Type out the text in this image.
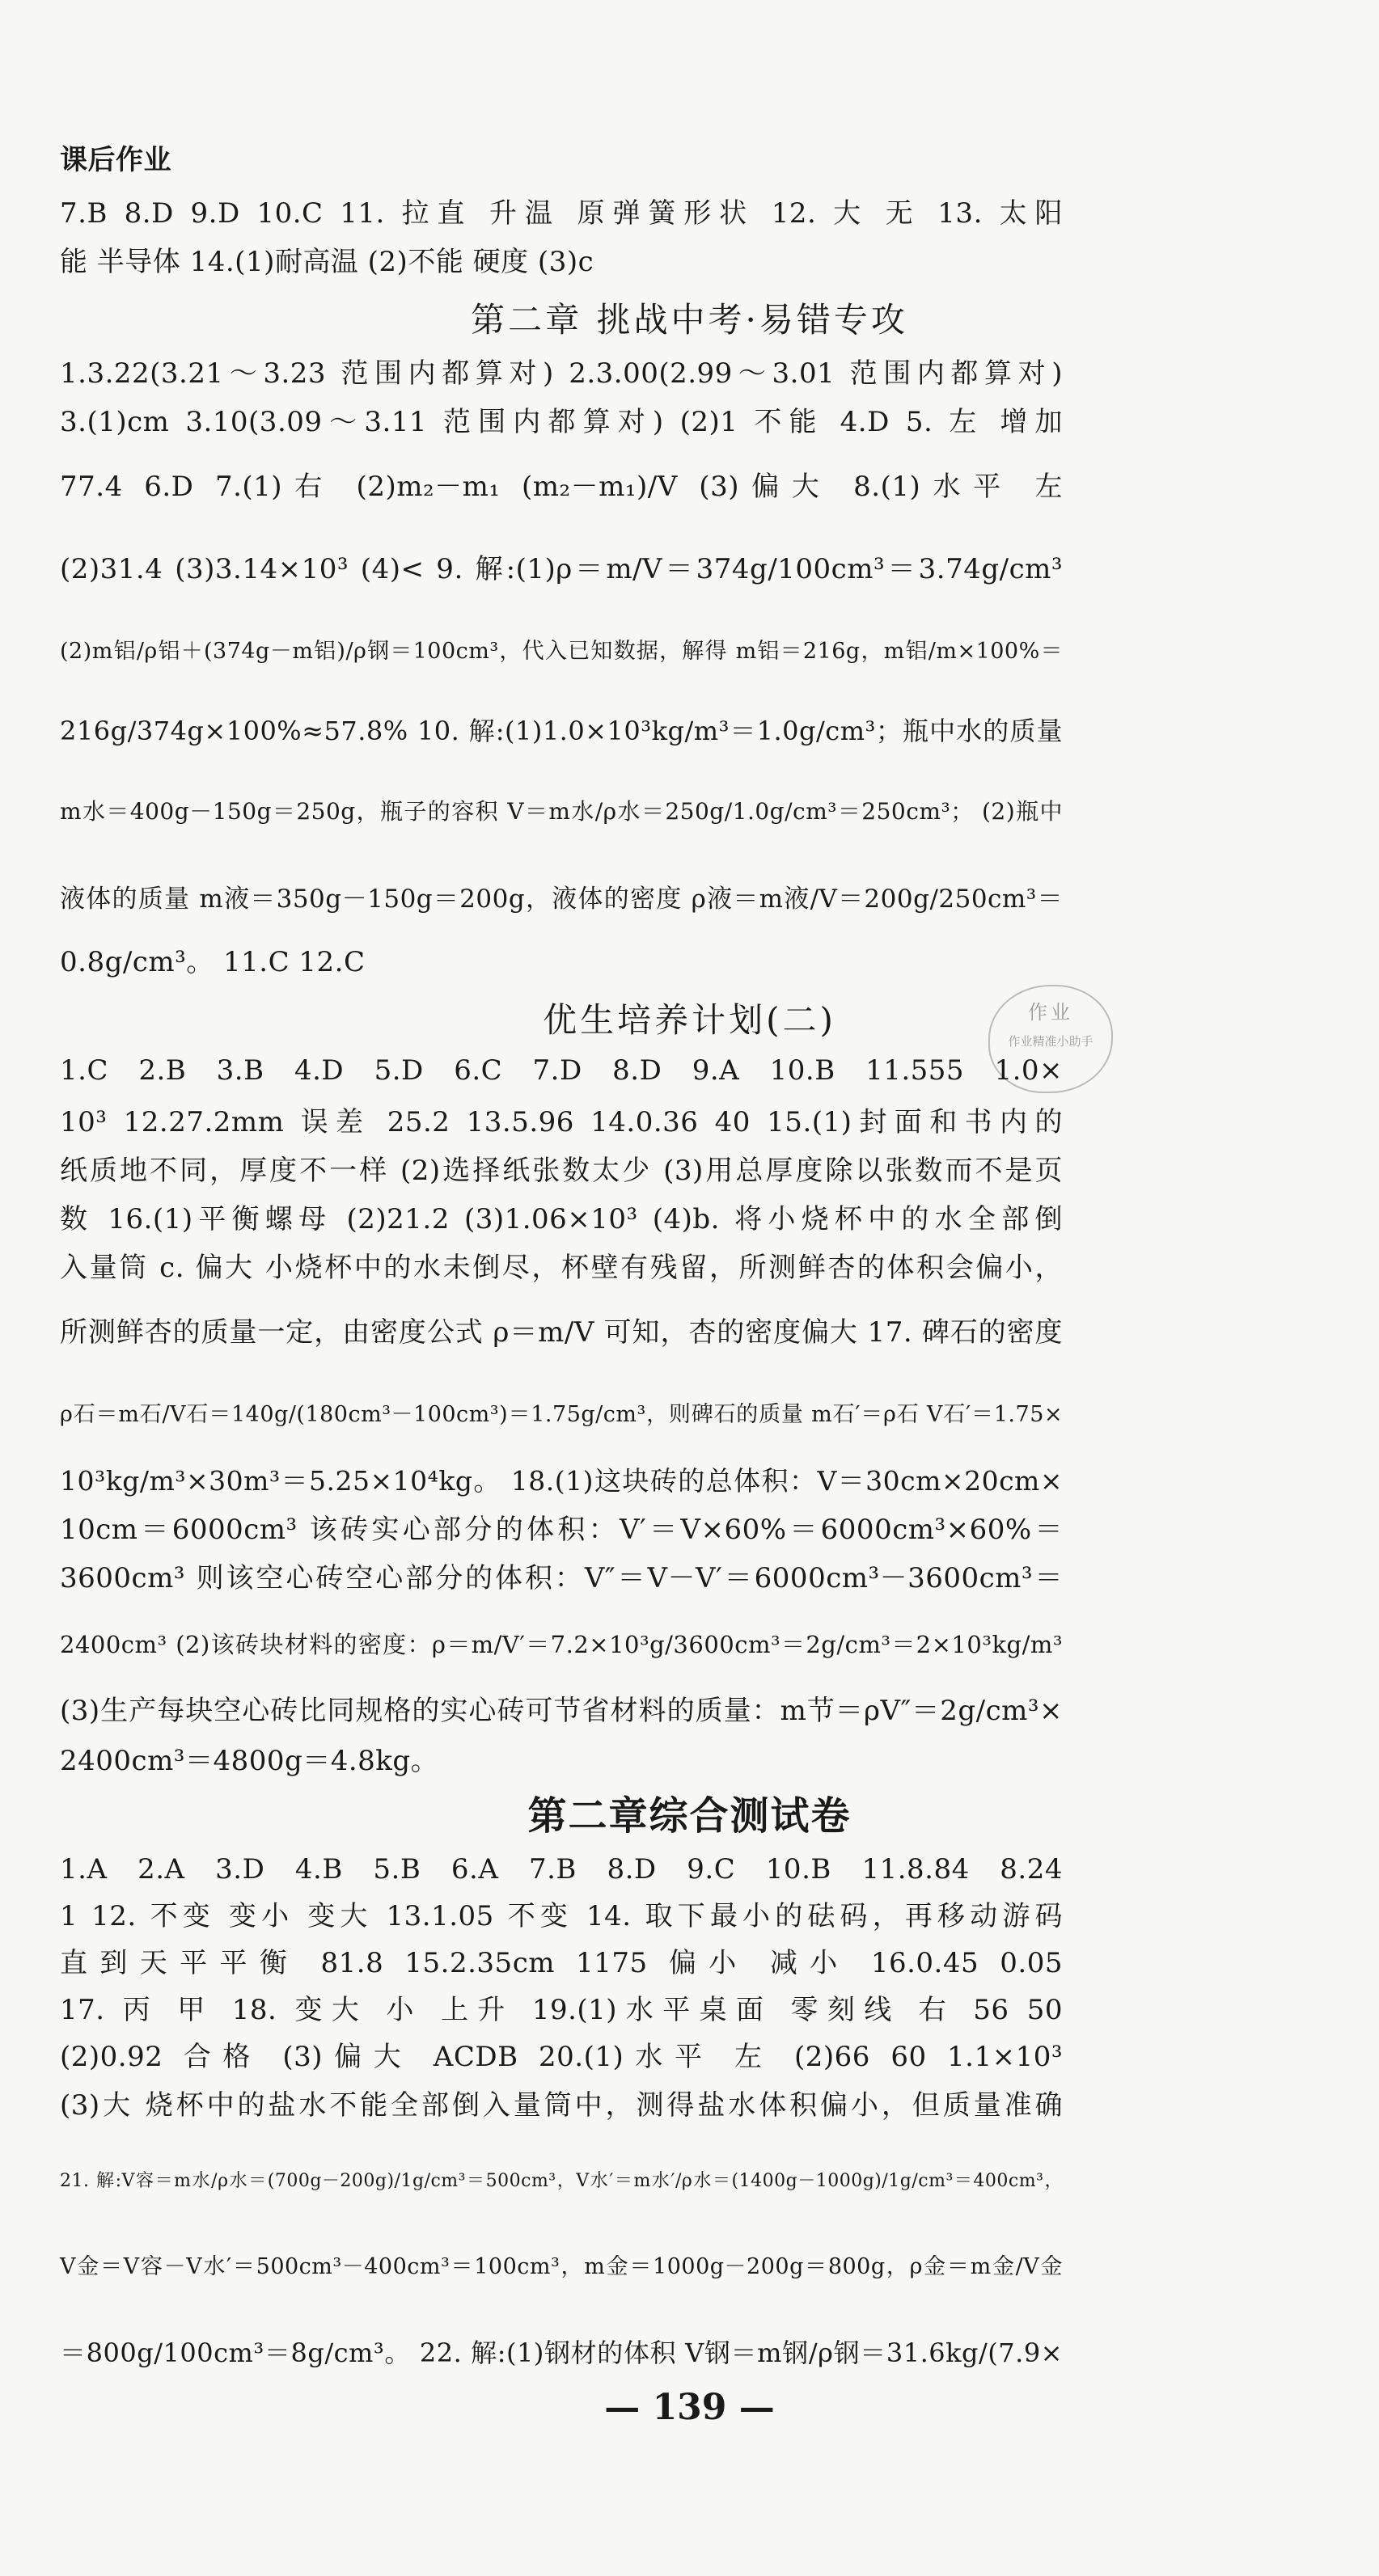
课后作业
7.B 8.D 9.D 10.C 11. 拉直 升温 原弹簧形状 12. 大 无 13. 太阳
能 半导体 14.(1)耐高温 (2)不能 硬度 (3)c
第二章 挑战中考·易错专攻
1.3.22(3.21～3.23 范围内都算对) 2.3.00(2.99～3.01 范围内都算对)
3.(1)cm 3.10(3.09～3.11 范围内都算对) (2)1 不能 4.D 5. 左 增加
77.4 6.D 7.(1)右 (2)m₂－m₁ (m₂－m₁)/V (3)偏大 8.(1)水平 左
(2)31.4 (3)3.14×10³ (4)< 9. 解:(1)ρ＝m/V＝374g/100cm³＝3.74g/cm³
(2)m铝/ρ铝＋(374g－m铝)/ρ钢＝100cm³，代入已知数据，解得 m铝＝216g，m铝/m×100%＝
216g/374g×100%≈57.8% 10. 解:(1)1.0×10³kg/m³＝1.0g/cm³；瓶中水的质量
m水＝400g－150g＝250g，瓶子的容积 V＝m水/ρ水＝250g/1.0g/cm³＝250cm³； (2)瓶中
液体的质量 m液＝350g－150g＝200g，液体的密度 ρ液＝m液/V＝200g/250cm³＝
0.8g/cm³。 11.C 12.C
优生培养计划(二)	作业
作业精准小助手
1.C 2.B 3.B 4.D 5.D 6.C 7.D 8.D 9.A 10.B 11.555 1.0×
10³ 12.27.2mm 误差 25.2 13.5.96 14.0.36 40 15.(1)封面和书内的
纸质地不同，厚度不一样 (2)选择纸张数太少 (3)用总厚度除以张数而不是页
数 16.(1)平衡螺母 (2)21.2 (3)1.06×10³ (4)b. 将小烧杯中的水全部倒
入量筒 c. 偏大 小烧杯中的水未倒尽，杯壁有残留，所测鲜杏的体积会偏小，
所测鲜杏的质量一定，由密度公式 ρ＝m/V 可知，杏的密度偏大 17. 碑石的密度
ρ石＝m石/V石＝140g/(180cm³－100cm³)＝1.75g/cm³，则碑石的质量 m石′＝ρ石 V石′＝1.75×
10³kg/m³×30m³＝5.25×10⁴kg。 18.(1)这块砖的总体积：V＝30cm×20cm×
10cm＝6000cm³ 该砖实心部分的体积：V′＝V×60%＝6000cm³×60%＝
3600cm³ 则该空心砖空心部分的体积：V″＝V－V′＝6000cm³－3600cm³＝
2400cm³ (2)该砖块材料的密度：ρ＝m/V′＝7.2×10³g/3600cm³＝2g/cm³＝2×10³kg/m³
(3)生产每块空心砖比同规格的实心砖可节省材料的质量：m节＝ρV″＝2g/cm³×
2400cm³＝4800g＝4.8kg。
第二章综合测试卷
1.A 2.A 3.D 4.B 5.B 6.A 7.B 8.D 9.C 10.B 11.8.84 8.24
1 12. 不变 变小 变大 13.1.05 不变 14. 取下最小的砝码，再移动游码
直到天平平衡 81.8 15.2.35cm 1175 偏小 减小 16.0.45 0.05
17. 丙 甲 18. 变大 小 上升 19.(1)水平桌面 零刻线 右 56 50
(2)0.92 合格 (3)偏大 ACDB 20.(1)水平 左 (2)66 60 1.1×10³
(3)大 烧杯中的盐水不能全部倒入量筒中，测得盐水体积偏小，但质量准确
21. 解:V容＝m水/ρ水＝(700g－200g)/1g/cm³＝500cm³，V水′＝m水′/ρ水＝(1400g－1000g)/1g/cm³＝400cm³，
V金＝V容－V水′＝500cm³－400cm³＝100cm³，m金＝1000g－200g＝800g，ρ金＝m金/V金
＝800g/100cm³＝8g/cm³。 22. 解:(1)钢材的体积 V钢＝m钢/ρ钢＝31.6kg/(7.9×
— 139 —
